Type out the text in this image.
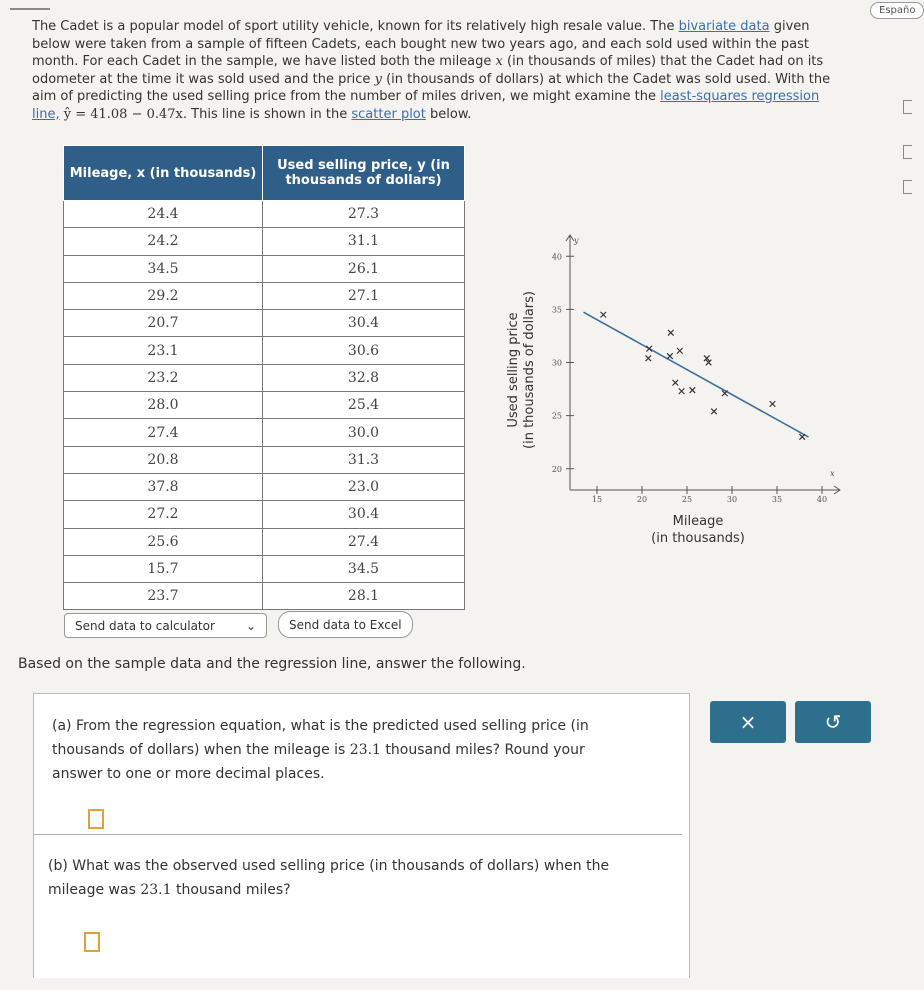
Españo
The Cadet is a popular model of sport utility vehicle, known for its relatively high resale value. The bivariate data given below were taken from a sample of fifteen Cadets, each bought new two years ago, and each sold used within the past month. For each Cadet in the sample, we have listed both the mileage x (in thousands of miles) that the Cadet had on its odometer at the time it was sold used and the price y (in thousands of dollars) at which the Cadet was sold used. With the aim of predicting the used selling price from the number of miles driven, we might examine the least-squares regression line, ŷ = 41.08 − 0.47x. This line is shown in the scatter plot below.
Mileage, x (in thousands)	Used selling price, y (in thousands of dollars)
24.4	27.3
24.2	31.1
34.5	26.1
29.2	27.1
20.7	30.4
23.1	30.6
23.2	32.8
28.0	25.4
27.4	30.0
20.8	31.3
37.8	23.0
27.2	30.4
25.6	27.4
15.7	34.5
23.7	28.1
Send data to calculator	⌄	Send data to Excel
Used selling price (in thousands of dollars)
Mileage
(in thousands)
x
y
15	20	25	30	35	40
20
25
30
35
40
Based on the sample data and the regression line, answer the following.
(a) From the regression equation, what is the predicted used selling price (in thousands of dollars) when the mileage is 23.1 thousand miles? Round your answer to one or more decimal places.
(b) What was the observed used selling price (in thousands of dollars) when the mileage was 23.1 thousand miles?
×	↺
